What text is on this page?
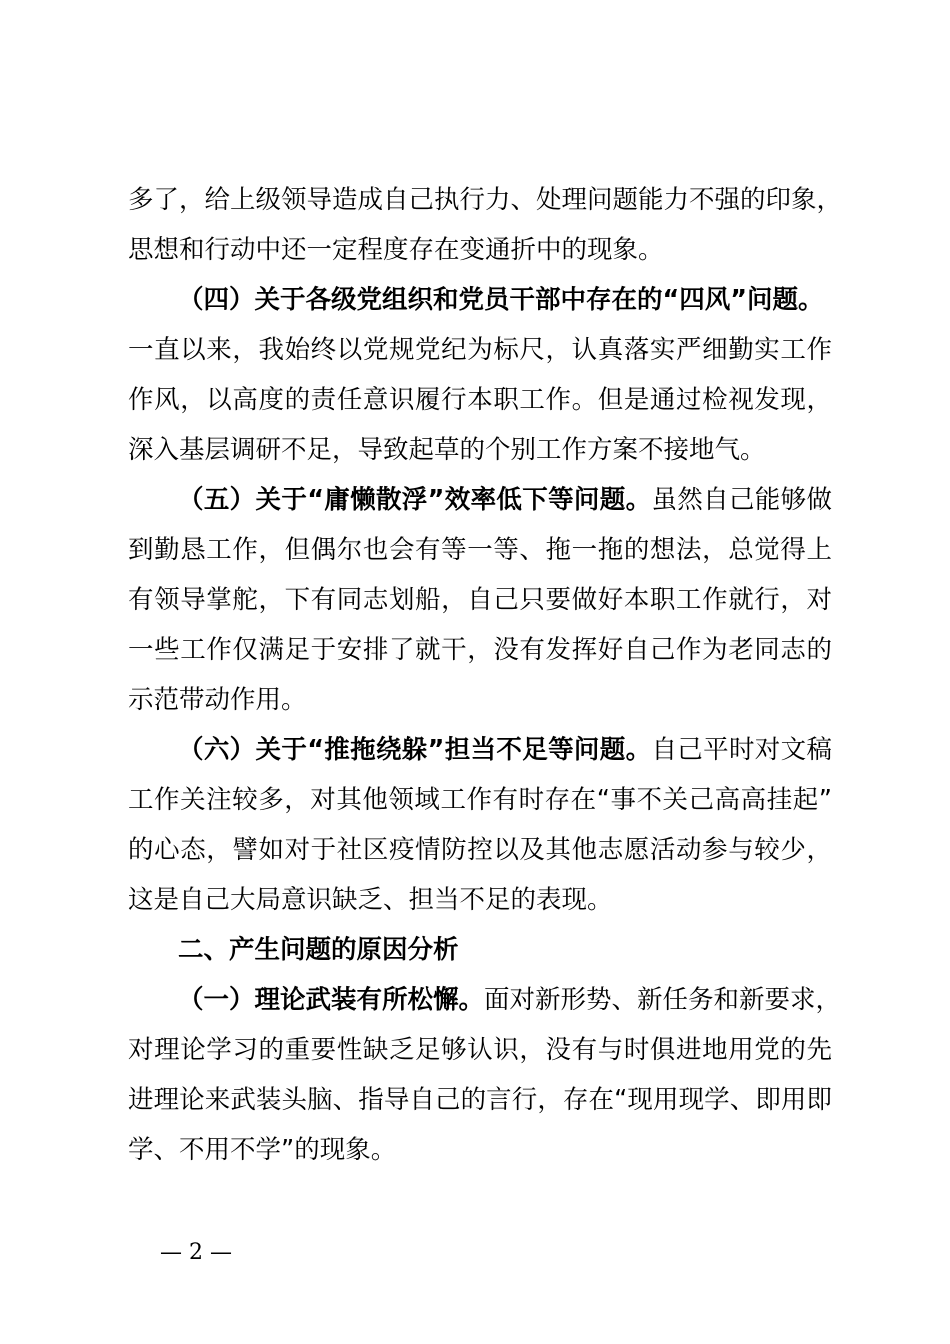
多了，给上级领导造成自己执行力、处理问题能力不强的印象，
思想和行动中还一定程度存在变通折中的现象。
（四）关于各级党组织和党员干部中存在的“四风”问题。
一直以来，我始终以党规党纪为标尺，认真落实严细勤实工作
作风，以高度的责任意识履行本职工作。但是通过检视发现，
深入基层调研不足，导致起草的个别工作方案不接地气。
（五）关于“庸懒散浮”效率低下等问题。虽然自己能够做
到勤恳工作，但偶尔也会有等一等、拖一拖的想法，总觉得上
有领导掌舵，下有同志划船，自己只要做好本职工作就行，对
一些工作仅满足于安排了就干，没有发挥好自己作为老同志的
示范带动作用。
（六）关于“推拖绕躲”担当不足等问题。自己平时对文稿
工作关注较多，对其他领域工作有时存在“事不关己高高挂起”
的心态，譬如对于社区疫情防控以及其他志愿活动参与较少，
这是自己大局意识缺乏、担当不足的表现。
二、产生问题的原因分析
（一）理论武装有所松懈。面对新形势、新任务和新要求，
对理论学习的重要性缺乏足够认识，没有与时俱进地用党的先
进理论来武装头脑、指导自己的言行，存在“现用现学、即用即
学、不用不学”的现象。
— 2 —
